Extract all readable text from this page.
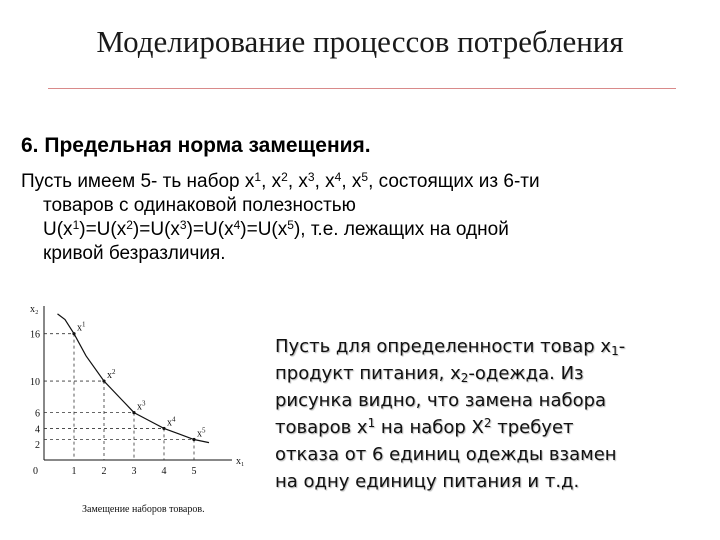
Моделирование процессов потребления
6. Предельная норма замещения.
Пусть имеем 5- ть набор $x^1$, $x^2$, $x^3$, $x^4$, $x^5$, состоящих из 6-ти
товаров с одинаковой полезностью
$U(x^1)=U(x^2)=U(x^3)=U(x^4)=U(x^5)$, т.е. лежащих на одной
кривой безразличия.
$x^1$
$x^2$
$x^3$
$x^4$
$x^5$
1	2	3	4	5
16
10
6
4
2
0
x₁
x₂
Замещение наборов товаров.
Пусть для определенности товар $x_1-$
продукт питания, $x_2$-одежда. Из
рисунка видно, что замена набора
товаров $x^1$ на набор $X^2$ требует
отказа от 6 единиц одежды взамен
на одну единицу питания и т.д.
